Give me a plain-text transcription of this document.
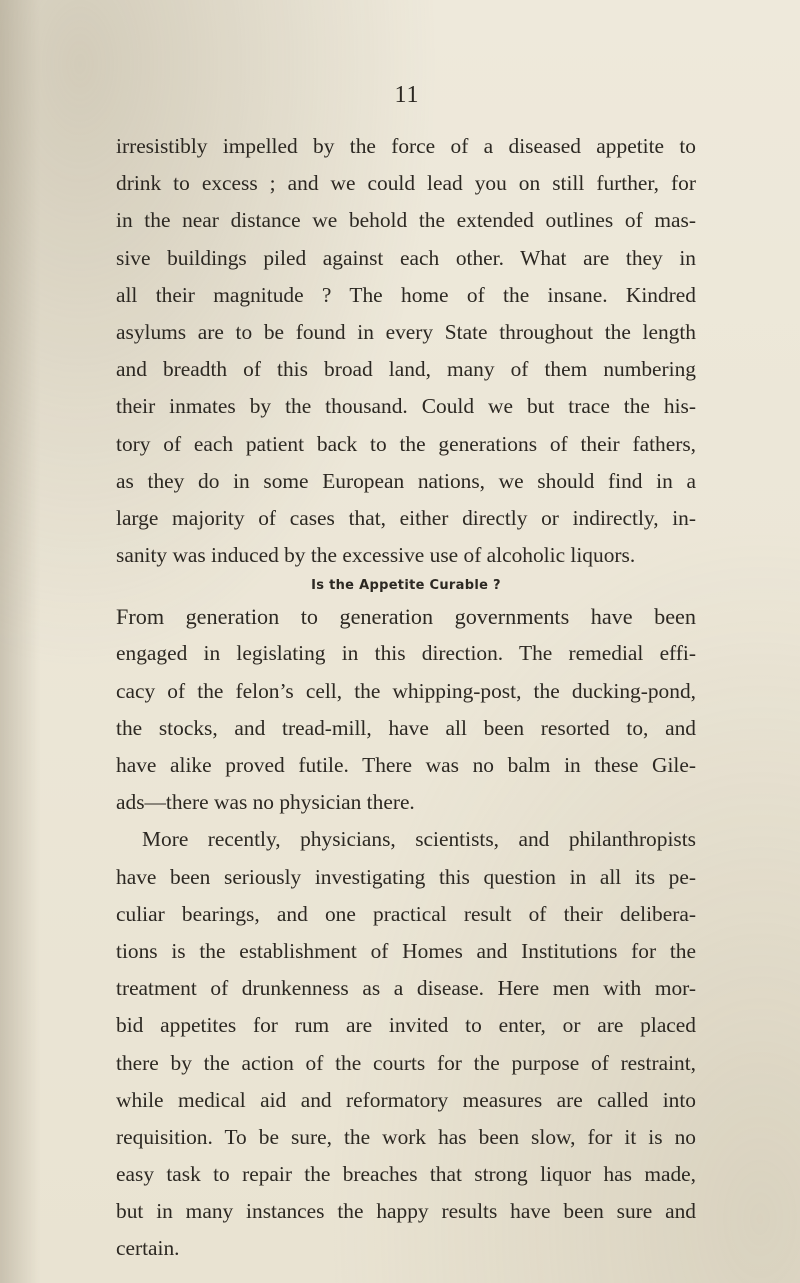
11
irresistibly impelled by the force of a diseased appetite to
drink to excess ; and we could lead you on still further, for
in the near distance we behold the extended outlines of mas-
sive buildings piled against each other. What are they in
all their magnitude ? The home of the insane. Kindred
asylums are to be found in every State throughout the length
and breadth of this broad land, many of them numbering
their inmates by the thousand. Could we but trace the his-
tory of each patient back to the generations of their fathers,
as they do in some European nations, we should find in a
large majority of cases that, either directly or indirectly, in-
sanity was induced by the excessive use of alcoholic liquors.
Is the Appetite Curable ?
From generation to generation governments have been
engaged in legislating in this direction. The remedial effi-
cacy of the felon’s cell, the whipping-post, the ducking-pond,
the stocks, and tread-mill, have all been resorted to, and
have alike proved futile. There was no balm in these Gile-
ads—there was no physician there.
More recently, physicians, scientists, and philanthropists
have been seriously investigating this question in all its pe-
culiar bearings, and one practical result of their delibera-
tions is the establishment of Homes and Institutions for the
treatment of drunkenness as a disease. Here men with mor-
bid appetites for rum are invited to enter, or are placed
there by the action of the courts for the purpose of restraint,
while medical aid and reformatory measures are called into
requisition. To be sure, the work has been slow, for it is no
easy task to repair the breaches that strong liquor has made,
but in many instances the happy results have been sure and
certain.
